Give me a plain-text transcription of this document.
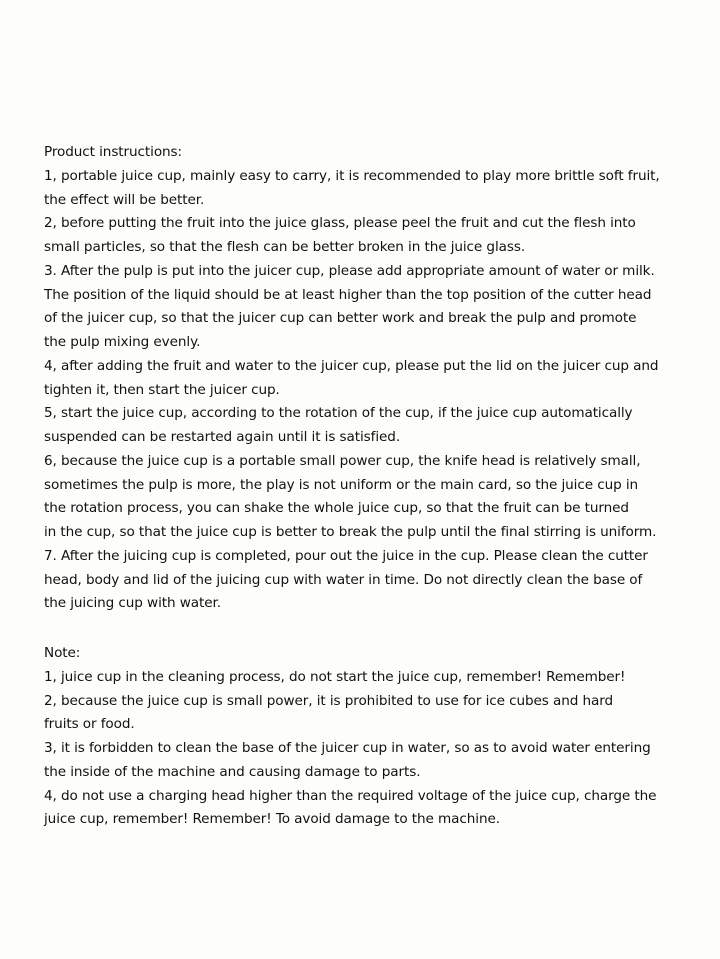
Product instructions:
1, portable juice cup, mainly easy to carry, it is recommended to play more brittle soft fruit,
the effect will be better.
2, before putting the fruit into the juice glass, please peel the fruit and cut the flesh into
small particles, so that the flesh can be better broken in the juice glass.
3. After the pulp is put into the juicer cup, please add appropriate amount of water or milk.
The position of the liquid should be at least higher than the top position of the cutter head
of the juicer cup, so that the juicer cup can better work and break the pulp and promote
the pulp mixing evenly.
4, after adding the fruit and water to the juicer cup, please put the lid on the juicer cup and
tighten it, then start the juicer cup.
5, start the juice cup, according to the rotation of the cup, if the juice cup automatically
suspended can be restarted again until it is satisfied.
6, because the juice cup is a portable small power cup, the knife head is relatively small,
sometimes the pulp is more, the play is not uniform or the main card, so the juice cup in
the rotation process, you can shake the whole juice cup, so that the fruit can be turned
in the cup, so that the juice cup is better to break the pulp until the final stirring is uniform.
7. After the juicing cup is completed, pour out the juice in the cup. Please clean the cutter
head, body and lid of the juicing cup with water in time. Do not directly clean the base of
the juicing cup with water.
Note:
1, juice cup in the cleaning process, do not start the juice cup, remember! Remember!
2, because the juice cup is small power, it is prohibited to use for ice cubes and hard
fruits or food.
3, it is forbidden to clean the base of the juicer cup in water, so as to avoid water entering
the inside of the machine and causing damage to parts.
4, do not use a charging head higher than the required voltage of the juice cup, charge the
juice cup, remember! Remember! To avoid damage to the machine.
